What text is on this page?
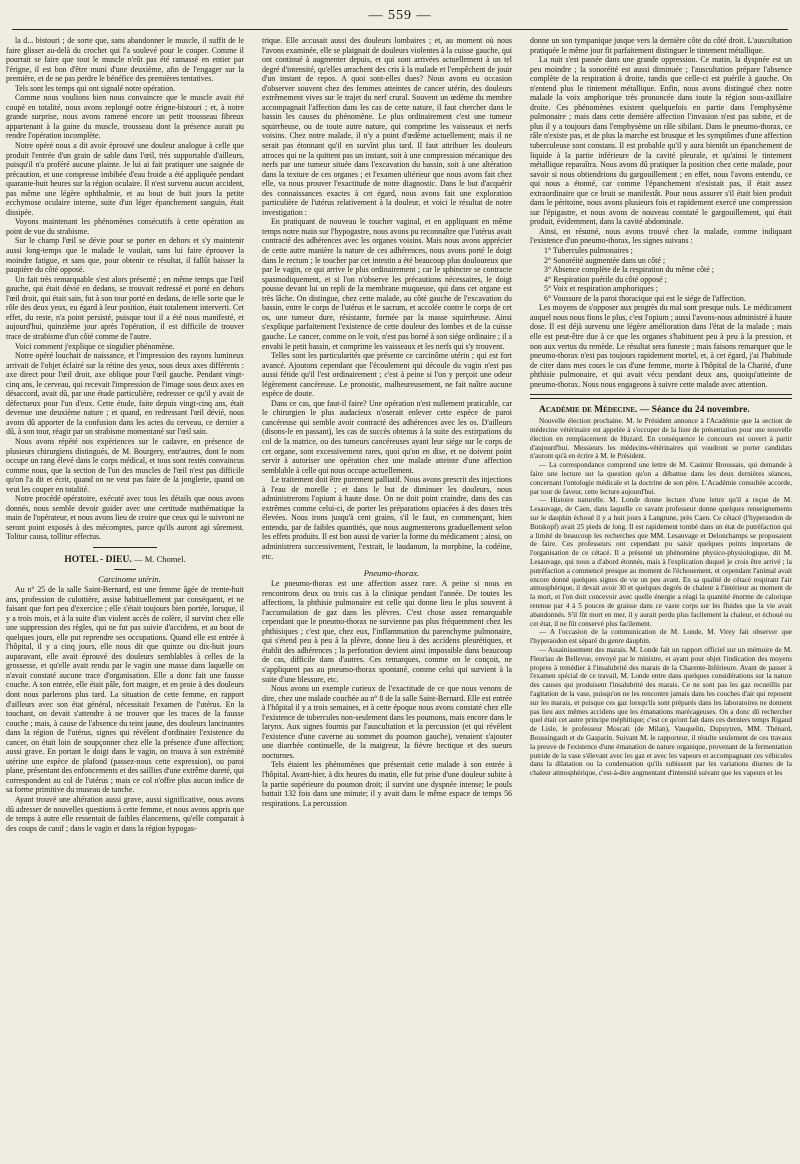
— 559 —

la d... bistouri ; de sorte que, sans abandonner le muscle, il suffit de le faire glisser au-delà du crochet qui l'a soulevé pour le couper. Comme il pourrait se faire que tout le muscle n'eût pas été ramassé en entier par l'érigne, il est bon d'être muni d'une deuxième, afin de l'engager sur la première, et de ne pas perdre le bénéfice des premières tentatives.

Tels sont les temps qui ont signalé notre opération.

Comme nous voulions bien nous convaincre que le muscle avait été coupé en totalité, nous avons replongé notre érigne-bistouri ; et, à notre grande surprise, nous avons ramené encore un petit trousseau fibreux appartenant à la gaine du muscle, trousseau dont la présence aurait pu rendre l'opération incomplète.

Notre opéré nous a dit avoir éprouvé une douleur analogue à celle que produit l'entrée d'un grain de sable dans l'œil, très supportable d'ailleurs, puisqu'il n'a proféré aucune plainte. Je lui ai fait pratiquer une saignée de précaution, et une compresse imbibée d'eau froide a été appliquée pendant quarante-huit heures sur la région oculaire. Il n'est survenu aucun accident, pas même une légère ophthalmie, et au bout de huit jours la petite ecchymose oculaire interne, suite d'un léger épanchement sanguin, était dissipée.

Voyons maintenant les phénomènes consécutifs à cette opération au point de vue du strabisme.

Sur le champ l'œil se dévie pour se porter en dehors et s'y maintenir aussi long-temps que le malade le voulait, sans lui faire éprouver la moindre fatigue, et sans que, pour obtenir ce résultat, il fallût baisser la paupière du côté opposé.

Un fait très remarquable s'est alors présenté ; en même temps que l'œil gauche, qui était dévié en dedans, se trouvait redressé et porté en dehors l'œil droit, qui était sain, fut à son tour porté en dedans, de telle sorte que le rôle des deux yeux, eu égard à leur position, était totalement interverti. Cet effet, du reste, n'a point persisté, puisque tout il a été nous manifesté, et aujourd'hui, quinzième jour après l'opération, il est difficile de trouver trace de strabisme d'un côté comme de l'autre.

Voici comment j'explique ce singulier phénomène.

Notre opéré louchait de naissance, et l'impression des rayons lumineux arrivait de l'objet éclairé sur la rétine des yeux, sous deux axes différents : axe direct pour l'œil droit, axe oblique pour l'œil gauche. Pendant vingt-cinq ans, le cerveau, qui recevait l'impression de l'image sous deux axes en désaccord, avait dû, par une étude particulière, redresser ce qu'il y avait de défectueux pour l'un d'eux. Cette étude, faite depuis vingt-cinq ans, était devenue une deuxième nature ; et quand, en redressant l'œil dévié, nous avons dû apporter de la confusion dans les actes du cerveau, ce dernier a dû, à son tour, réagir par un strabisme momentané sur l'œil sain.

Nous avons répété nos expériences sur le cadavre, en présence de plusieurs chirurgiens distingués, de M. Bourgery, entr'autres, dont le nom occupe un rang élevé dans le corps médical, et tous sont restés convaincus comme nous, que la section de l'un des muscles de l'œil n'est pas difficile qu'on l'a dit et écrit, quand on ne veut pas faire de la jonglerie, quand on veut les couper en totalité.

Notre procédé opératoire, exécuté avec tous les détails que nous avons donnés, nous semble devoir guider avec une certitude mathématique la main de l'opérateur, et nous avons lieu de croire que ceux qui le suivront ne seront point exposés à des mécomptes, parce qu'ils auront agi sûrement. Tolitur causa, tollitur effectus.

HOTEL - DIEU. — M. Chomel.

Carcinome utérin.

Au n° 25 de la salle Saint-Bernard, est une femme âgée de trente-huit ans, profession de culottière, assise habituellement par conséquent, et ne faisant que fort peu d'exercice ; elle s'était toujours bien portée, lorsque, il y a trois mois, et à la suite d'un violent accès de colère, il survint chez elle une suppression des règles, qui ne fut pas suivie d'accidens, et au bout de quelques jours, elle put reprendre ses occupations. Quand elle est entrée à l'hôpital, il y a cinq jours, elle nous dit que quinze ou dix-huit jours auparavant, elle avait éprouvé des douleurs semblables à celles de la grossesse, et qu'elle avait rendu par le vagin une masse dans laquelle on n'avait constaté aucune trace d'organisation. Elle a donc fait une fausse couche. A son entrée, elle était pâle, fort maigre, et en proie à des douleurs dont nous parlerons plus tard. La situation de cette femme, en rapport d'ailleurs avec son état général, nécessitait l'examen de l'utérus. En la touchant, on devait s'attendre à ne trouver que les traces de la fausse couche ; mais, à cause de l'absence du teint jaune, des douleurs lancinantes dans la région de l'utérus, signes qui révèlent d'ordinaire l'existence du cancer, on était loin de soupçonner chez elle la présence d'une affection; aussi grave. En portant le doigt dans le vagin, on trouva à son extrémité utérine une espèce de plafond (passez-nous cette expression), ou paroi plane, présentant des enfoncements et des saillies d'une extrême dureté, qui correspondent au col de l'utérus ; mais ce col n'offre plus aucun indice de sa forme primitive du museau de tanche.

Ayant trouvé une altération aussi grave, aussi significative, nous avons dû adresser de nouvelles questions à cette femme, et nous avons appris que de temps à autre elle ressentait de faibles élancemens, qu'elle comparait à des coups de canif ; dans le vagin et dans la région hypogas-

trique. Elle accusait aussi des douleurs lombaires ; et, au moment où nous l'avons examinée, elle se plaignait de douleurs violentes à la cuisse gauche, qui ont continué à augmenter depuis, et qui sont arrivées actuellement à un tel degré d'intensité, qu'elles arrachent des cris à la malade et l'empêchent de jouir d'un instant de repos. A quoi sont-elles dues? Nous avons eu occasion d'observer souvent chez des femmes atteintes de cancer utérin, des douleurs extrêmement vives sur le trajet du nerf crural. Souvent un œdème du membre accompagnait l'affection dans les cas de cette nature, il faut chercher dans le bassin les causes du phénomène. Le plus ordinairement c'est une tumeur squirrheuse, ou de toute autre nature, qui comprime les vaisseaux et nerfs voisins. Chez notre malade, il n'y a point d'œdème actuellement; mais il ne serait pas étonnant qu'il en survînt plus tard. Il faut attribuer les douleurs atroces qui ne la quittent pas un instant, soit à une compression mécanique des nerfs par une tumeur située dans l'excavation du bassin, soit à une altération dans la texture de ces organes ; et l'examen ultérieur que nous avons fait chez elle, va nous prouver l'exactitude de notre diagnostic. Dans le but d'acquérir des connaissances exactes à cet égard, nous avons fait une exploration particulière de l'utérus relativement à la douleur, et voici le résultat de notre investigation :

En pratiquant de nouveau le toucher vaginal, et en appliquant en même temps notre main sur l'hypogastre, nous avons pu reconnaître que l'utérus avait contracté des adhérences avec les organes voisins. Mais nous avons apprécier de cette autre manière la nature de ces adhérences, nous avons porté le doigt dans le rectum ; le toucher par cet intestin a été beaucoup plus douloureux que par le vagin, ce qui arrive le plus ordinairement ; car le sphincter se contracte spasmodiquement, et si l'on n'observe les précautions nécessaires, le doigt pousse devant lui un repli de la membrane muqueuse, qui dans cet organe est très lâche. On distingue, chez cette malade, au côté gauche de l'excavation du bassin, entre le corps de l'utérus et le sacrum, et accolée contre le corps de cet os, une tumeur dure, résistante, formée par la masse squirrheuse. Ainsi s'explique parfaitement l'existence de cette douleur des lombes et de la cuisse gauche. Le cancer, comme on le voit, n'est pas borné à son siége ordinaire ; il a envahi le petit bassin, et comprime les vaisseaux et les nerfs qui s'y trouvent.

Telles sont les particularités que présente ce carcinôme utérin ; qui est fort avancé. Ajoutons cependant que l'écoulement qui découle du vagin n'est pas aussi fétide qu'il l'est ordinairement ; c'est à peine si l'on y perçoit une odeur légèrement cancéreuse. Le pronostic, malheureusement, ne fait naître aucune espèce de doute.

Dans ce cas, que faut-il faire? Une opération n'est nullement praticable, car le chirurgien le plus audacieux n'oserait enlever cette espèce de paroi cancéreuse qui semble avoir contracté des adhérences avec les os. D'ailleurs (disons-le en passant), les cas de succès obtenus à la suite des extirpations du col de la matrice, ou des tumeurs cancéreuses ayant leur siége sur le corps de cet organe, sont excessivement rares, quoi qu'on en dise, et ne doivent point servir à autoriser une opération chez une malade atteinte d'une affection semblable à celle qui nous occupe actuellement.

Le traitement doit être purement palliatif. Nous avons prescrit des injections à l'eau de morelle ; et dans le but de diminuer les douleurs, nous administrerons l'opium à haute dose. On ne doit point craindre, dans des cas extrêmes comme celui-ci, de porter les préparations opiacées à des doses très élevées. Nous irons jusqu'à cent grains, s'il le faut, en commençant, bien entendu, par de faibles quantités, que nous augmenterons graduellement selon les effets produits. Il est bon aussi de varier la forme du médicament ; ainsi, on administrera successivement, l'extrait, le laudanum, la morphine, la codéine, etc.

Pneumo-thorax.

Le pneumo-thorax est une affection assez rare. A peine si nous en rencontrons deux ou trois cas à la clinique pendant l'année. De toutes les affections, la phthisie pulmonaire est celle qui donne lieu le plus souvent à l'accumulation de gaz dans les plèvres. C'est chose assez remarquable cependant que le pneumo-thorax ne survienne pas plus fréquemment chez les phthisiques ; c'est que, chez eux, l'inflammation du parenchyme pulmonaire, qui s'étend peu à peu à la plèvre, donne lieu à des accidens pleurétiques, et établit des adhérences ; la perforation devient ainsi impossible dans beaucoup de cas, difficile dans d'autres. Ces remarques, comme on le conçoit, ne s'appliquent pas au pneumo-thorax spontané, comme celui qui survient à la suite d'une blessure, etc.

Nous avons un exemple curieux de l'exactitude de ce que nous venons de dire, chez une malade couchée au n° 8 de la salle Saint-Bernard. Elle est entrée à l'hôpital il y a trois semaines, et à cette époque nous avons constaté chez elle l'existence de tubercules non-seulement dans les poumons, mais encore dans le larynx. Aux signes fournis par l'auscultation et la percussion (et qui révèlent l'existence d'une caverne au sommet du poumon gauche), venaient s'ajouter une diarrhée continuelle, de la maigreur, la fièvre hectique et des sueurs nocturnes.

Tels étaient les phénomènes que présentait cette malade à son entrée à l'hôpital. Avant-hier, à dix heures du matin, elle fut prise d'une douleur subite à la partie supérieure du poumon droit; il survint une dyspnée intense; le pouls battait 132 fois dans une minute; il y avait dans le même espace de temps 56 respirations. La percussion

donne un son tympanique jusque vers la dernière côte du côté droit. L'auscultation pratiquée le même jour fit parfaitement distinguer le tintement métallique.

La nuit s'est passée dans une grande oppression. Ce matin, la dyspnée est un peu moindre ; la sonoréité est aussi diminuée ; l'auscultation prépare l'absence complète de la respiration à droite, tandis que celle-ci est puérile à gauche. On n'entend plus le tintement métallique. Enfin, nous avons distingué chez notre malade la voix amphorique très prononcée dans toute la région sous-axillaire droite. Ces phénomènes existent quelquefois en partie dans l'emphysème pulmonaire ; mais dans cette dernière affection l'invasion n'est pas subite, et de plus il y a toujours dans l'emphysème un râle sibilant. Dans le pneumo-thorax, ce râle n'existe pas, et de plus la marche est brusque et les symptômes d'une affection tuberculeuse sont constans. Il est probable qu'il y aura bientôt un épanchement de liquide à la partie inférieure de la cavité pleurale, et qu'ainsi le tintement métallique reparaîtra. Nous avons dû pratiquer la position chez cette malade, pour savoir si nous obtiendrions du gargouillement ; en effet, nous l'avons entendu, ce qui nous a étonné, car comme l'épanchement n'existait pas, il était assez extraordinaire que ce bruit se manifestât. Pour nous assurer s'il était bien produit dans le péritoine, nous avons plusieurs fois et rapidement exercé une compression sur l'épigastre, et nous avons de nouveau constaté le gargouillement, qui était produit, évidemment, dans la cavité abdominale.

Ainsi, en résumé, nous avons trouvé chez la malade, comme indiquant l'existence d'un pneumo-thorax, les signes suivans :

1° Tubercules pulmonaires ;

2° Sonoréité augmentée dans un côté ;

3° Absence complète de la respiration du même côté ;

4° Respiration puérile du côté opposé ;

5° Voix et respiration amphoriques ;

6° Voussure de la paroi thoracique qui est le siége de l'affection.

Les moyens de s'opposer aux progrès du mal sont presque nuls. Le médicament auquel nous nous fions le plus, c'est l'opium ; aussi l'avons-nous administré à haute dose. Il est déjà survenu une légère amélioration dans l'état de la malade ; mais elle est peut-être due à ce que les organes s'habituent peu à peu à la pression, et non aux vertus du remède. Le résultat sera funeste ; mais faisons remarquer que le pneumo-thorax n'est pas toujours rapidement mortel, et, à cet égard, j'ai l'habitude de citer dans mes cours le cas d'une femme, morte à l'hôpital de la Charité, d'une phthisie pulmonaire, et qui avait vécu pendant deux ans, quoiqu'atteinte de pneumo-thorax. Nous nous engageons à suivre cette malade avec attention.

Académie de Médecine. — Séance du 24 novembre.

Nouvelle élection prochaine. M. le Président annonce à l'Académie que la section de médecine vétérinaire est appelée à s'occuper de la liste de présentation pour une nouvelle élection en remplacement de Huzard. En conséquence le concours est ouvert à partir d'aujourd'hui. Messieurs les médecins-vétérinaires qui voudront se porter candidats n'auront qu'à en écrire à M. le Président.

— La correspondance comprend une lettre de M. Casimir Broussais, qui demande à faire une lecture sur la question qu'on a débattue dans les deux dernières séances, concernant l'ontologie médicale et la doctrine de son père. L'Académie consultée accorde, par tour de faveur, cette lecture aujourd'hui.

— Histoire naturelle. M. Londe donne lecture d'une lettre qu'il a reçue de M. Lesauvage, de Caen, dans laquelle ce savant professeur donne quelques renseignements sur le dauphin échoué il y a huit jours à Langrune, près Caen. Ce cétacé (l'hyperaodon de Butskopf) avait 25 pieds de long. Il est rapidement tombé dans un état de putréfaction qui a limité de beaucoup les recherches que MM. Lesauvage et Delonchamps se proposaient de faire. Ces professeurs ont cependant pu saisir quelques points importans de l'organisation de ce cétacé. Il a présenté un phénomène physico-physiologique, dit M. Lesauvage, qui nous a d'abord étonnés, mais à l'explication duquel je crois être arrivé ; la putréfaction a commencé presque au moment de l'échouement, et cependant l'animal avait encore donné quelques signes de vie un peu avant. En sa qualité de cétacé respirant l'air atmosphérique, il devait avoir 30 et quelques degrés de chaleur à l'intérieur au moment de la mort, et l'on doit concevoir avec quelle énergie a réagi la quantité énorme de calorique retenue par 4 à 5 pouces de graisse dans ce vaste corps sur les fluides que la vie avait abandonnés. S'il fût mort en mer, il y aurait perdu plus facilement la chaleur, et échoué ou cet état, il ne fût conservé plus facilement.

— A l'occasion de la communication de M. Londe, M. Virey fait observer que l'hyperaodon est séparé du genre dauphin.

— Assainissement des marais. M. Londe fait un rapport officiel sur un mémoire de M. Fleuriau de Bellevue, envoyé par le ministre, et ayant pour objet l'indication des moyens propres à remédier à l'insalubrité des marais de la Charente-Inférieure. Avant de passer à l'examen spécial de ce travail, M. Londe entre dans quelques considérations sur la nature des causes qui produisent l'insalubrité des marais. Ce ne sont pas les gaz recueillis par l'agitation de la vase, puisqu'on ne les rencontre jamais dans les couches d'air qui reposent sur les marais, et puisque ces gaz lorsqu'ils sont préparés dans les laboratoires ne donnent pas lieu aux mêmes accidens que les émanations marécageuses. On a donc dû rechercher quel était cet autre principe méphitique; c'est ce qu'ont fait dans ces derniers temps Rigaud de Lisle, le professeur Moscati (de Milan), Vauquelin, Dupuytren, MM. Thénard, Boussingault et de Gasparin. Suivant M. le rapporteur, il résulte seulement de ces travaux la preuve de l'existence d'une émanation de nature organique, provenant de la fermentation putride de la vase s'élevant avec les gaz et avec les vapeurs et accompagnant ces véhicules dans la dilatation ou la condensation qu'ils subissent par les variations diurnes de la chaleur atmosphérique, c'est-à-dire augmentant d'intensité suivant que les vapeurs et les
